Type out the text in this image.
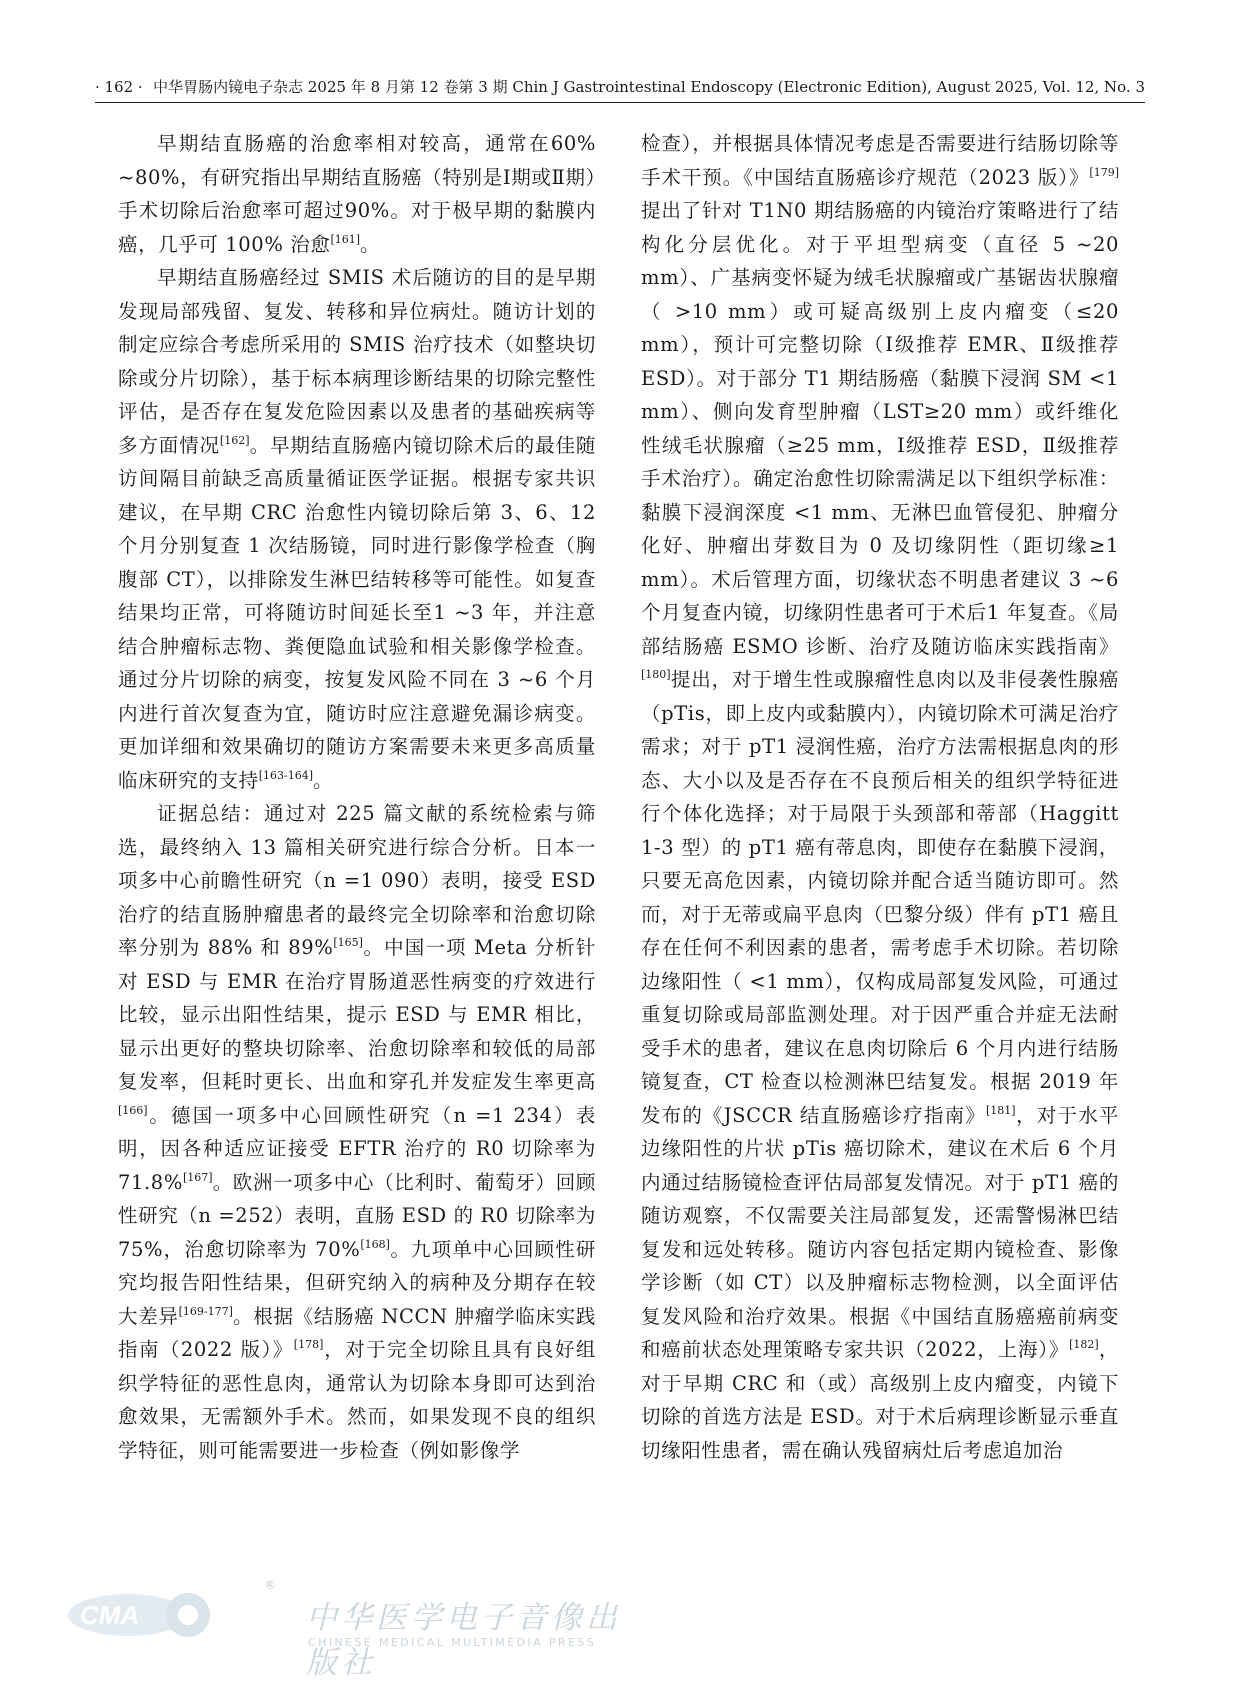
· 162 · 中华胃肠内镜电子杂志 2025 年 8 月第 12 卷第 3 期 Chin J Gastrointestinal Endoscopy (Electronic Edition), August 2025, Vol. 12, No. 3

早期结直肠癌的治愈率相对较高，通常在60% ~80%，有研究指出早期结直肠癌（特别是Ⅰ期或Ⅱ期）手术切除后治愈率可超过90%。对于极早期的黏膜内癌，几乎可 100% 治愈[161]。

早期结直肠癌经过 SMIS 术后随访的目的是早期发现局部残留、复发、转移和异位病灶。随访计划的制定应综合考虑所采用的 SMIS 治疗技术（如整块切除或分片切除），基于标本病理诊断结果的切除完整性评估，是否存在复发危险因素以及患者的基础疾病等多方面情况[162]。早期结直肠癌内镜切除术后的最佳随访间隔目前缺乏高质量循证医学证据。根据专家共识建议，在早期 CRC 治愈性内镜切除后第 3、6、12 个月分别复查 1 次结肠镜，同时进行影像学检查（胸腹部 CT），以排除发生淋巴结转移等可能性。如复查结果均正常，可将随访时间延长至1 ~3 年，并注意结合肿瘤标志物、粪便隐血试验和相关影像学检查。通过分片切除的病变，按复发风险不同在 3 ~6 个月内进行首次复查为宜，随访时应注意避免漏诊病变。更加详细和效果确切的随访方案需要未来更多高质量临床研究的支持[163-164]。

证据总结：通过对 225 篇文献的系统检索与筛选，最终纳入 13 篇相关研究进行综合分析。日本一项多中心前瞻性研究（n =1 090）表明，接受 ESD 治疗的结直肠肿瘤患者的最终完全切除率和治愈切除率分别为 88% 和 89%[165]。中国一项 Meta 分析针对 ESD 与 EMR 在治疗胃肠道恶性病变的疗效进行比较，显示出阳性结果，提示 ESD 与 EMR 相比，显示出更好的整块切除率、治愈切除率和较低的局部复发率，但耗时更长、出血和穿孔并发症发生率更高[166]。德国一项多中心回顾性研究（n =1 234）表明，因各种适应证接受 EFTR 治疗的 R0 切除率为 71.8%[167]。欧洲一项多中心（比利时、葡萄牙）回顾性研究（n =252）表明，直肠 ESD 的 R0 切除率为 75%，治愈切除率为 70%[168]。九项单中心回顾性研究均报告阳性结果，但研究纳入的病种及分期存在较大差异[169-177]。根据《结肠癌 NCCN 肿瘤学临床实践指南（2022 版）》[178]，对于完全切除且具有良好组织学特征的恶性息肉，通常认为切除本身即可达到治愈效果，无需额外手术。然而，如果发现不良的组织学特征，则可能需要进一步检查（例如影像学

检查），并根据具体情况考虑是否需要进行结肠切除等手术干预。《中国结直肠癌诊疗规范（2023 版）》[179]提出了针对 T1N0 期结肠癌的内镜治疗策略进行了结构化分层优化。对于平坦型病变（直径 5 ~20 mm）、广基病变怀疑为绒毛状腺瘤或广基锯齿状腺瘤（ >10 mm）或可疑高级别上皮内瘤变（≤20 mm），预计可完整切除（Ⅰ级推荐 EMR、Ⅱ级推荐 ESD）。对于部分 T1 期结肠癌（黏膜下浸润 SM <1 mm）、侧向发育型肿瘤（LST≥20 mm）或纤维化性绒毛状腺瘤（≥25 mm，Ⅰ级推荐 ESD，Ⅱ级推荐手术治疗）。确定治愈性切除需满足以下组织学标准：黏膜下浸润深度 <1 mm、无淋巴血管侵犯、肿瘤分化好、肿瘤出芽数目为 0 及切缘阴性（距切缘≥1 mm）。术后管理方面，切缘状态不明患者建议 3 ~6 个月复查内镜，切缘阴性患者可于术后1 年复查。《局部结肠癌 ESMO 诊断、治疗及随访临床实践指南》[180]提出，对于增生性或腺瘤性息肉以及非侵袭性腺癌（pTis，即上皮内或黏膜内），内镜切除术可满足治疗需求；对于 pT1 浸润性癌，治疗方法需根据息肉的形态、大小以及是否存在不良预后相关的组织学特征进行个体化选择；对于局限于头颈部和蒂部（Haggitt 1-3 型）的 pT1 癌有蒂息肉，即使存在黏膜下浸润，只要无高危因素，内镜切除并配合适当随访即可。然而，对于无蒂或扁平息肉（巴黎分级）伴有 pT1 癌且存在任何不利因素的患者，需考虑手术切除。若切除边缘阳性（ <1 mm），仅构成局部复发风险，可通过重复切除或局部监测处理。对于因严重合并症无法耐受手术的患者，建议在息肉切除后 6 个月内进行结肠镜复查，CT 检查以检测淋巴结复发。根据 2019 年发布的《JSCCR 结直肠癌诊疗指南》[181]，对于水平边缘阳性的片状 pTis 癌切除术，建议在术后 6 个月内通过结肠镜检查评估局部复发情况。对于 pT1 癌的随访观察，不仅需要关注局部复发，还需警惕淋巴结复发和远处转移。随访内容包括定期内镜检查、影像学诊断（如 CT）以及肿瘤标志物检测，以全面评估复发风险和治疗效果。根据《中国结直肠癌癌前病变和癌前状态处理策略专家共识（2022，上海）》[182]，对于早期 CRC 和（或）高级别上皮内瘤变，内镜下切除的首选方法是 ESD。对于术后病理诊断显示垂直切缘阳性患者，需在确认残留病灶后考虑追加治

CMA
®
中华医学电子音像出版社
CHINESE MEDICAL MULTIMEDIA PRESS
